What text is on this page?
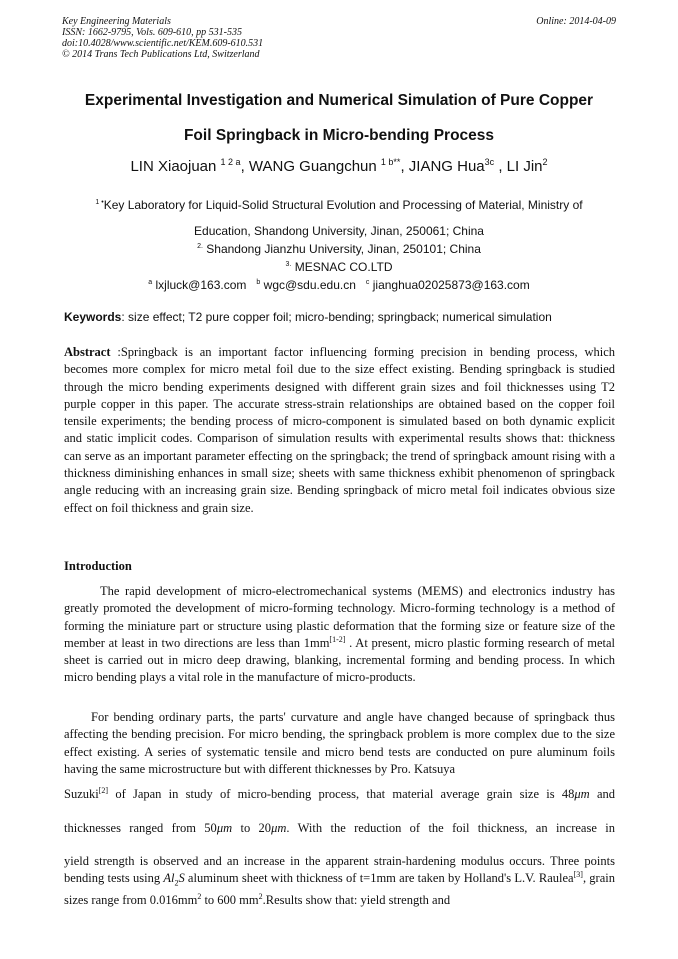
Key Engineering Materials
ISSN: 1662-9795, Vols. 609-610, pp 531-535
doi:10.4028/www.scientific.net/KEM.609-610.531
© 2014 Trans Tech Publications Ltd, Switzerland
Online: 2014-04-09
Experimental Investigation and Numerical Simulation of Pure Copper
Foil Springback in Micro-bending Process
LIN Xiaojuan $^{1 2 a}$, WANG Guangchun $^{1 b**}$, JIANG Hua$^{3c}$ , LI Jin$^2$
$^{1 •}$Key Laboratory for Liquid-Solid Structural Evolution and Processing of Material, Ministry of
Education, Shandong University, Jinan, 250061; China
$^{2.}$ Shandong Jianzhu University, Jinan, 250101; China
$^{3.}$ MESNAC CO.LTD
$^a$ lxjluck@163.com $^b$ wgc@sdu.edu.cn $^c$ jianghua02025873@163.com
Keywords: size effect; T2 pure copper foil; micro-bending; springback; numerical simulation
Abstract :Springback is an important factor influencing forming precision in bending process, which becomes more complex for micro metal foil due to the size effect existing. Bending springback is studied through the micro bending experiments designed with different grain sizes and foil thicknesses using T2 purple copper in this paper. The accurate stress-strain relationships are obtained based on the copper foil tensile experiments; the bending process of micro-component is simulated based on both dynamic explicit and static implicit codes. Comparison of simulation results with experimental results shows that: thickness can serve as an important parameter effecting on the springback; the trend of springback amount rising with a thickness diminishing enhances in small size; sheets with same thickness exhibit phenomenon of springback angle reducing with an increasing grain size. Bending springback of micro metal foil indicates obvious size effect on foil thickness and grain size.
Introduction
The rapid development of micro-electromechanical systems (MEMS) and electronics industry has greatly promoted the development of micro-forming technology. Micro-forming technology is a method of forming the miniature part or structure using plastic deformation that the forming size or feature size of the member at least in two directions are less than 1mm[1-2] . At present, micro plastic forming research of metal sheet is carried out in micro deep drawing, blanking, incremental forming and bending process. In which micro bending plays a vital role in the manufacture of micro-products.
For bending ordinary parts, the parts' curvature and angle have changed because of springback thus affecting the bending precision. For micro bending, the springback problem is more complex due to the size effect existing. A series of systematic tensile and micro bend tests are conducted on pure aluminum foils having the same microstructure but with different thicknesses by Pro. Katsuya
Suzuki[2] of Japan in study of micro-bending process, that material average grain size is 48μm and
thicknesses ranged from 50μm to 20μm. With the reduction of the foil thickness, an increase in
yield strength is observed and an increase in the apparent strain-hardening modulus occurs. Three points bending tests using $Al_2S$ aluminum sheet with thickness of t=1mm are taken by Holland's L.V. Raulea[3], grain sizes range from $0.016mm^2$ to 600 $mm^2.Results$ show that: yield strength and
